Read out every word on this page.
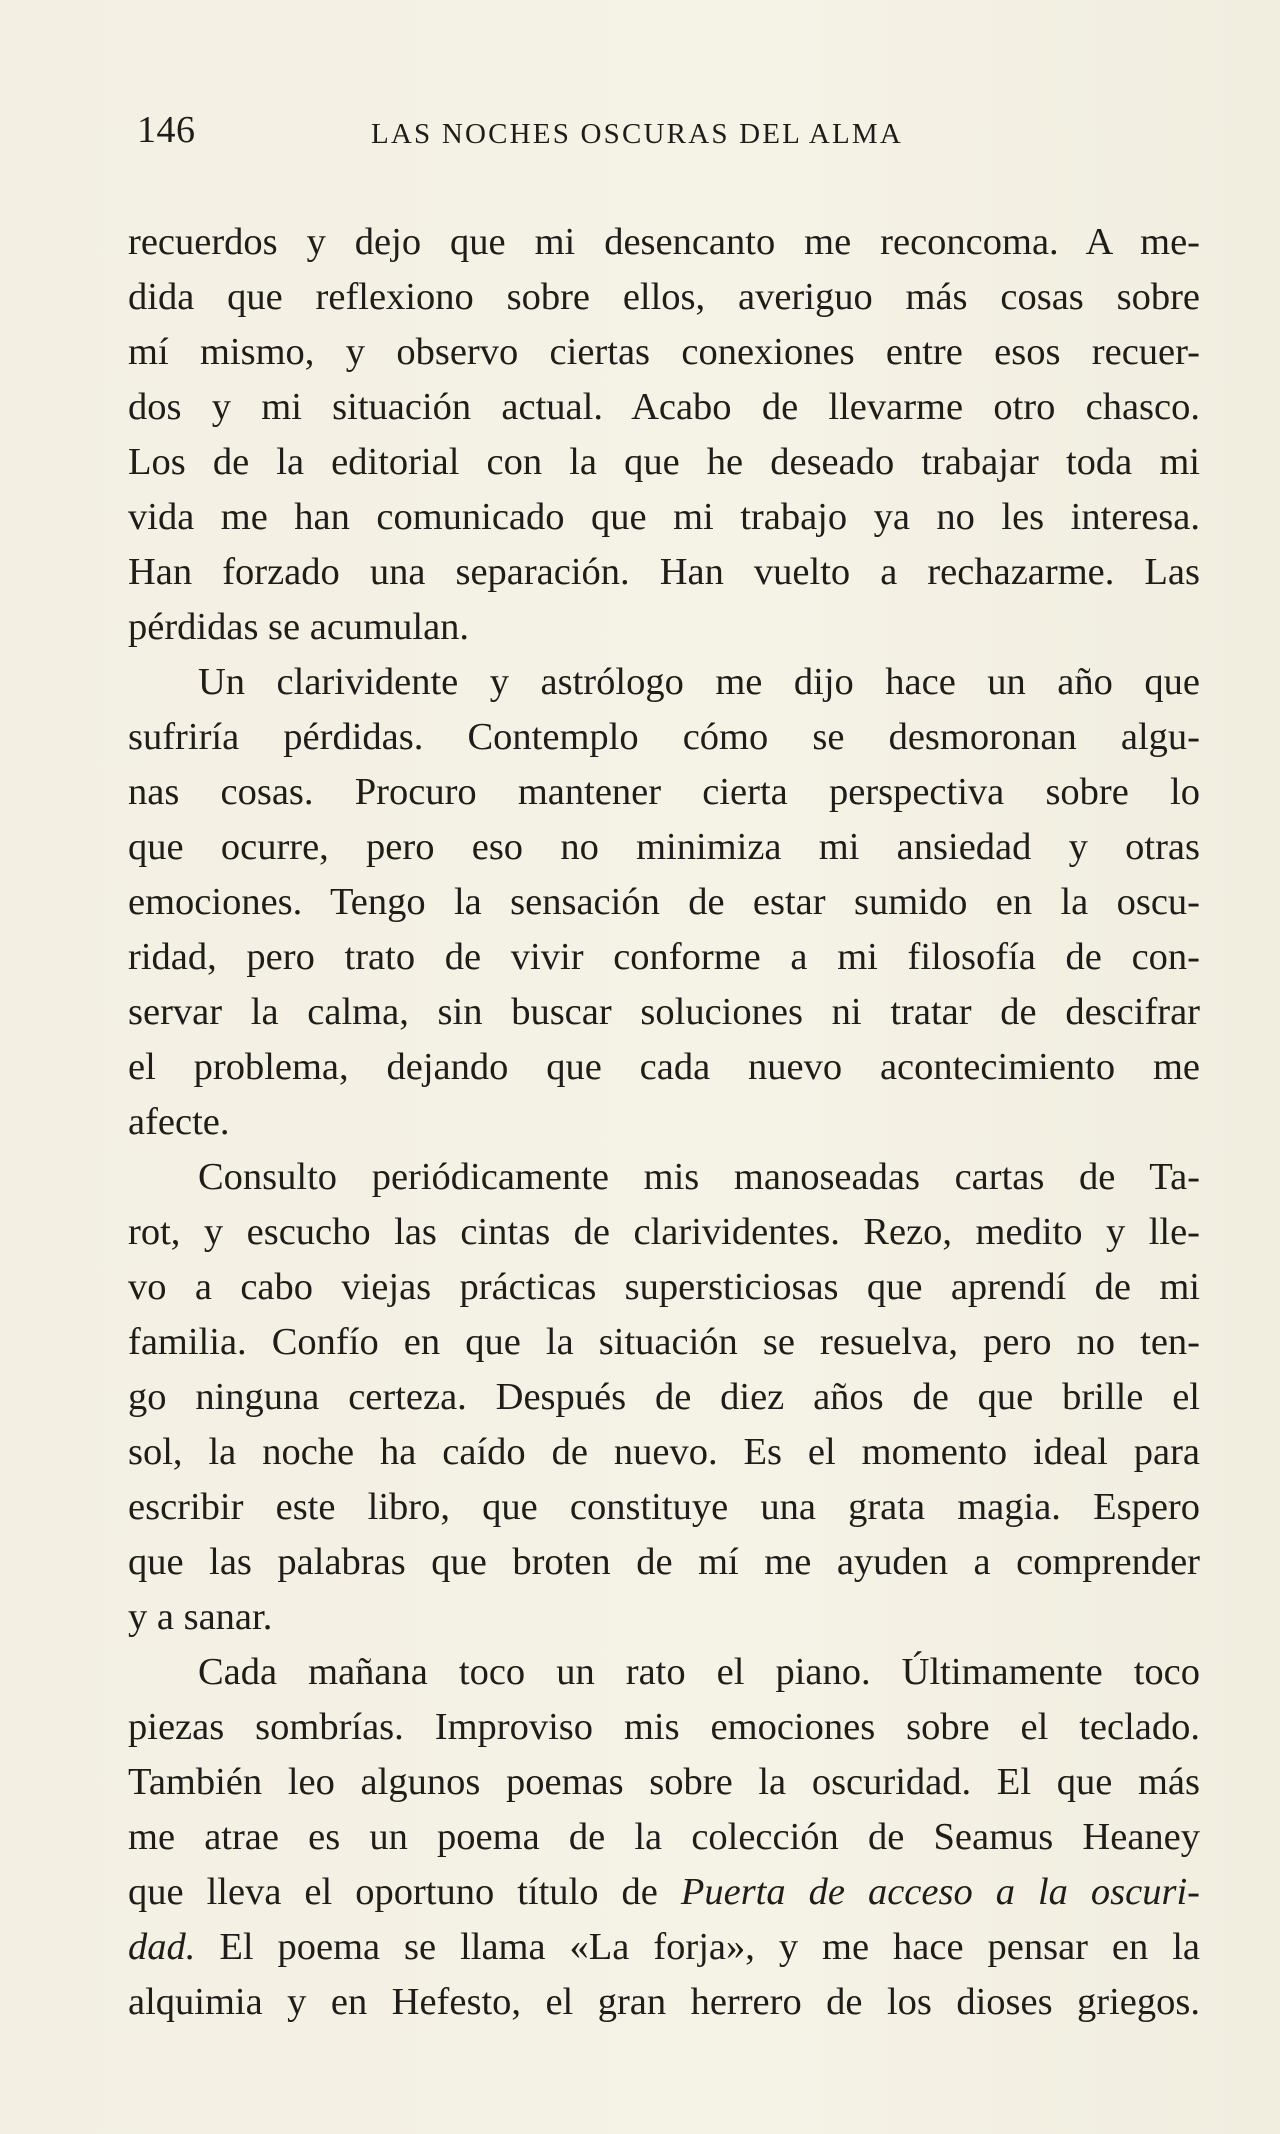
146	LAS NOCHES OSCURAS DEL ALMA
recuerdos y dejo que mi desencanto me reconcoma. A me-
dida que reflexiono sobre ellos, averiguo más cosas sobre
mí mismo, y observo ciertas conexiones entre esos recuer-
dos y mi situación actual. Acabo de llevarme otro chasco.
Los de la editorial con la que he deseado trabajar toda mi
vida me han comunicado que mi trabajo ya no les interesa.
Han forzado una separación. Han vuelto a rechazarme. Las
pérdidas se acumulan.
Un clarividente y astrólogo me dijo hace un año que
sufriría pérdidas. Contemplo cómo se desmoronan algu-
nas cosas. Procuro mantener cierta perspectiva sobre lo
que ocurre, pero eso no minimiza mi ansiedad y otras
emociones. Tengo la sensación de estar sumido en la oscu-
ridad, pero trato de vivir conforme a mi filosofía de con-
servar la calma, sin buscar soluciones ni tratar de descifrar
el problema, dejando que cada nuevo acontecimiento me
afecte.
Consulto periódicamente mis manoseadas cartas de Ta-
rot, y escucho las cintas de clarividentes. Rezo, medito y lle-
vo a cabo viejas prácticas supersticiosas que aprendí de mi
familia. Confío en que la situación se resuelva, pero no ten-
go ninguna certeza. Después de diez años de que brille el
sol, la noche ha caído de nuevo. Es el momento ideal para
escribir este libro, que constituye una grata magia. Espero
que las palabras que broten de mí me ayuden a comprender
y a sanar.
Cada mañana toco un rato el piano. Últimamente toco
piezas sombrías. Improviso mis emociones sobre el teclado.
También leo algunos poemas sobre la oscuridad. El que más
me atrae es un poema de la colección de Seamus Heaney
que lleva el oportuno título de Puerta de acceso a la oscuri-
dad. El poema se llama «La forja», y me hace pensar en la
alquimia y en Hefesto, el gran herrero de los dioses griegos.
